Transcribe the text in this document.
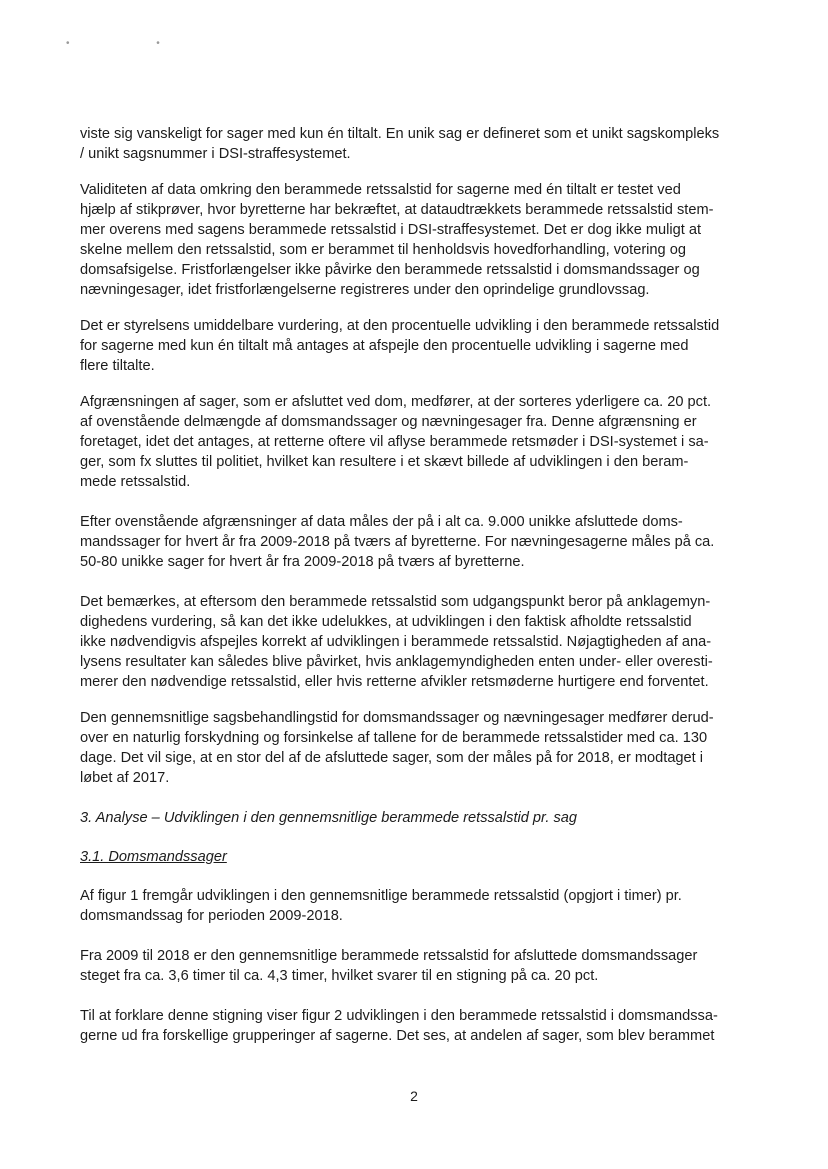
• •

viste sig vanskeligt for sager med kun én tiltalt. En unik sag er defineret som et unikt sagskompleks
/ unikt sagsnummer i DSI-straffesystemet.

Validiteten af data omkring den berammede retssalstid for sagerne med én tiltalt er testet ved
hjælp af stikprøver, hvor byretterne har bekræftet, at dataudtrækkets berammede retssalstid stem-
mer overens med sagens berammede retssalstid i DSI-straffesystemet. Det er dog ikke muligt at
skelne mellem den retssalstid, som er berammet til henholdsvis hovedforhandling, votering og
domsafsigelse. Fristforlængelser ikke påvirke den berammede retssalstid i domsmandssager og
nævningesager, idet fristforlængelserne registreres under den oprindelige grundlovssag.

Det er styrelsens umiddelbare vurdering, at den procentuelle udvikling i den berammede retssalstid
for sagerne med kun én tiltalt må antages at afspejle den procentuelle udvikling i sagerne med
flere tiltalte.

Afgrænsningen af sager, som er afsluttet ved dom, medfører, at der sorteres yderligere ca. 20 pct.
af ovenstående delmængde af domsmandssager og nævningesager fra. Denne afgrænsning er
foretaget, idet det antages, at retterne oftere vil aflyse berammede retsmøder i DSI-systemet i sa-
ger, som fx sluttes til politiet, hvilket kan resultere i et skævt billede af udviklingen i den beram-
mede retssalstid.

Efter ovenstående afgrænsninger af data måles der på i alt ca. 9.000 unikke afsluttede doms-
mandssager for hvert år fra 2009-2018 på tværs af byretterne. For nævningesagerne måles på ca.
50-80 unikke sager for hvert år fra 2009-2018 på tværs af byretterne.

Det bemærkes, at eftersom den berammede retssalstid som udgangspunkt beror på anklagemyn-
dighedens vurdering, så kan det ikke udelukkes, at udviklingen i den faktisk afholdte retssalstid
ikke nødvendigvis afspejles korrekt af udviklingen i berammede retssalstid. Nøjagtigheden af ana-
lysens resultater kan således blive påvirket, hvis anklagemyndigheden enten under- eller overesti-
merer den nødvendige retssalstid, eller hvis retterne afvikler retsmøderne hurtigere end forventet.

Den gennemsnitlige sagsbehandlingstid for domsmandssager og nævningesager medfører derud-
over en naturlig forskydning og forsinkelse af tallene for de berammede retssalstider med ca. 130
dage. Det vil sige, at en stor del af de afsluttede sager, som der måles på for 2018, er modtaget i
løbet af 2017.

3. Analyse – Udviklingen i den gennemsnitlige berammede retssalstid pr. sag

3.1. Domsmandssager

Af figur 1 fremgår udviklingen i den gennemsnitlige berammede retssalstid (opgjort i timer) pr.
domsmandssag for perioden 2009-2018.

Fra 2009 til 2018 er den gennemsnitlige berammede retssalstid for afsluttede domsmandssager
steget fra ca. 3,6 timer til ca. 4,3 timer, hvilket svarer til en stigning på ca. 20 pct.

Til at forklare denne stigning viser figur 2 udviklingen i den berammede retssalstid i domsmandssa-
gerne ud fra forskellige grupperinger af sagerne. Det ses, at andelen af sager, som blev berammet

2
